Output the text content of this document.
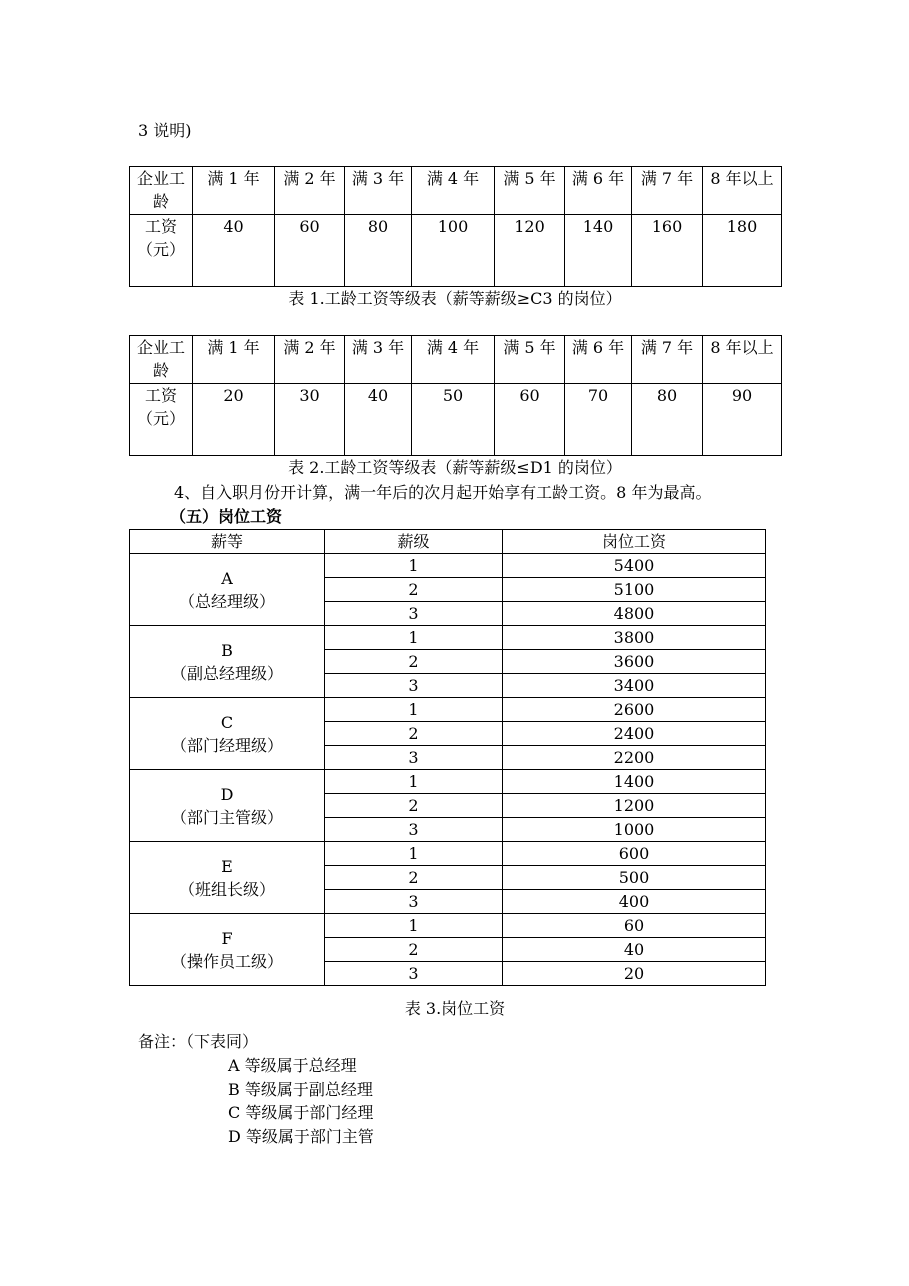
3 说明)
企业工龄	满 1 年	满 2 年	满 3 年	满 4 年	满 5 年	满 6 年	满 7 年	8 年以上
工资（元）	40	60	80	100	120	140	160	180
表 1.工龄工资等级表（薪等薪级≥C3 的岗位）
企业工龄	满 1 年	满 2 年	满 3 年	满 4 年	满 5 年	满 6 年	满 7 年	8 年以上
工资（元）	20	30	40	50	60	70	80	90
表 2.工龄工资等级表（薪等薪级≤D1 的岗位）
4、自入职月份开计算，满一年后的次月起开始享有工龄工资。8 年为最高。
（五）岗位工资
薪等	薪级	岗位工资
A
（总经理级）	1	5400
	2	5100
	3	4800
B
（副总经理级）	1	3800
	2	3600
	3	3400
C
（部门经理级）	1	2600
	2	2400
	3	2200
D
（部门主管级）	1	1400
	2	1200
	3	1000
E
（班组长级）	1	600
	2	500
	3	400
F
（操作员工级）	1	60
	2	40
	3	20
表 3.岗位工资
备注：（下表同）
A 等级属于总经理
B 等级属于副总经理
C 等级属于部门经理
D 等级属于部门主管
